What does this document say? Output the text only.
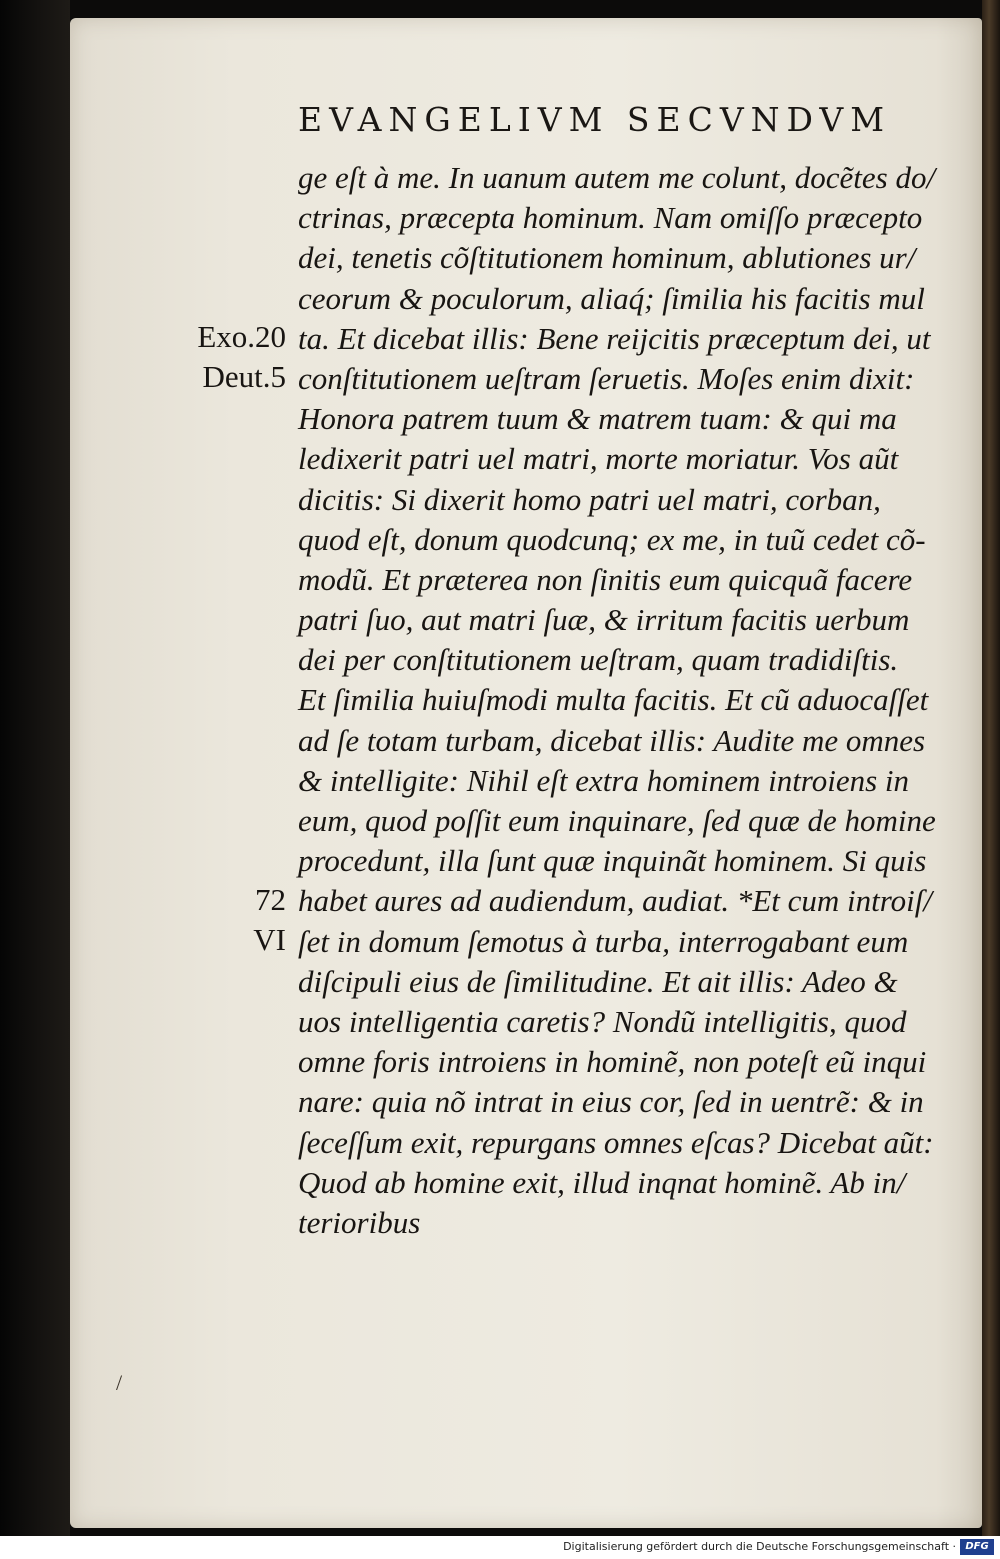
EVANGELIVM SECVNDVM
ge eſt à me. In uanum autem me colunt, docẽtes do/
ctrinas, præcepta hominum. Nam omiſſo præcepto
dei, tenetis cõſtitutionem hominum, ablutiones ur/
ceorum & poculorum, aliaq́; ſimilia his facitis mul
ta. Et dicebat illis: Bene reijcitis præceptum dei, ut
conſtitutionem ueſtram ſeruetis. Moſes enim dixit:
Honora patrem tuum & matrem tuam: & qui ma
ledixerit patri uel matri, morte moriatur. Vos aũt
dicitis: Si dixerit homo patri uel matri, corban,
quod eſt, donum quodcunq; ex me, in tuũ cedet cõ-
modũ. Et præterea non ſinitis eum quicquã facere
patri ſuo, aut matri ſuæ, & irritum facitis uerbum
dei per conſtitutionem ueſtram, quam tradidiſtis.
Et ſimilia huiuſmodi multa facitis. Et cũ aduocaſſet
ad ſe totam turbam, dicebat illis: Audite me omnes
& intelligite: Nihil eſt extra hominem introiens in
eum, quod poſſit eum inquinare, ſed quæ de homine
procedunt, illa ſunt quæ inquinãt hominem. Si quis
habet aures ad audiendum, audiat. *Et cum introiſ/
ſet in domum ſemotus à turba, interrogabant eum
diſcipuli eius de ſimilitudine. Et ait illis: Adeo &
uos intelligentia caretis? Nondũ intelligitis, quod
omne foris introiens in hominẽ, non poteſt eũ inqui
nare: quia nõ intrat in eius cor, ſed in uentrẽ: & in
ſeceſſum exit, repurgans omnes eſcas? Dicebat aũt:
Quod ab homine exit, illud inqnat hominẽ. Ab in/
terioribus
Exo.20
Deut.5
72
VI
/
Digitalisierung gefördert durch die Deutsche Forschungsgemeinschaft · DFG
